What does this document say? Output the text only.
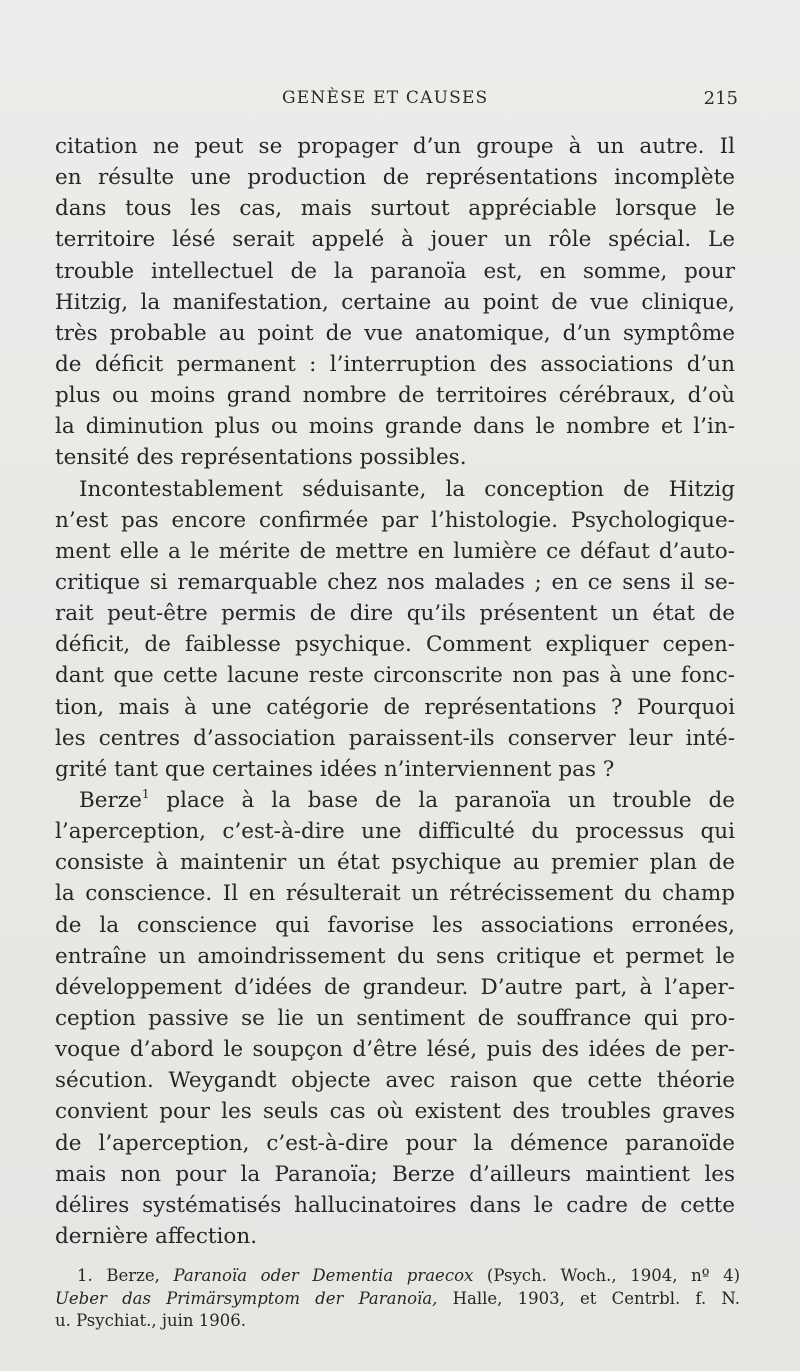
GENÈSE ET CAUSES	215
citation ne peut se propager d’un groupe à un autre. Il
en résulte une production de représentations incomplète
dans tous les cas, mais surtout appréciable lorsque le
territoire lésé serait appelé à jouer un rôle spécial. Le
trouble intellectuel de la paranoïa est, en somme, pour
Hitzig, la manifestation, certaine au point de vue clinique,
très probable au point de vue anatomique, d’un symptôme
de déficit permanent : l’interruption des associations d’un
plus ou moins grand nombre de territoires cérébraux, d’où
la diminution plus ou moins grande dans le nombre et l’in-
tensité des représentations possibles.
Incontestablement séduisante, la conception de Hitzig
n’est pas encore confirmée par l’histologie. Psychologique-
ment elle a le mérite de mettre en lumière ce défaut d’auto-
critique si remarquable chez nos malades ; en ce sens il se-
rait peut-être permis de dire qu’ils présentent un état de
déficit, de faiblesse psychique. Comment expliquer cepen-
dant que cette lacune reste circonscrite non pas à une fonc-
tion, mais à une catégorie de représentations ? Pourquoi
les centres d’association paraissent-ils conserver leur inté-
grité tant que certaines idées n’interviennent pas ?
Berze$^1$ place à la base de la paranoïa un trouble de
l’aperception, c’est-à-dire une difficulté du processus qui
consiste à maintenir un état psychique au premier plan de
la conscience. Il en résulterait un rétrécissement du champ
de la conscience qui favorise les associations erronées,
entraîne un amoindrissement du sens critique et permet le
développement d’idées de grandeur. D’autre part, à l’aper-
ception passive se lie un sentiment de souffrance qui pro-
voque d’abord le soupçon d’être lésé, puis des idées de per-
sécution. Weygandt objecte avec raison que cette théorie
convient pour les seuls cas où existent des troubles graves
de l’aperception, c’est-à-dire pour la démence paranoïde
mais non pour la Paranoïa; Berze d’ailleurs maintient les
délires systématisés hallucinatoires dans le cadre de cette
dernière affection.
1. Berze, Paranoïa oder Dementia praecox (Psych. Woch., 1904, nº 4)
Ueber das Primärsymptom der Paranoïa, Halle, 1903, et Centrbl. f. N.
u. Psychiat., juin 1906.
